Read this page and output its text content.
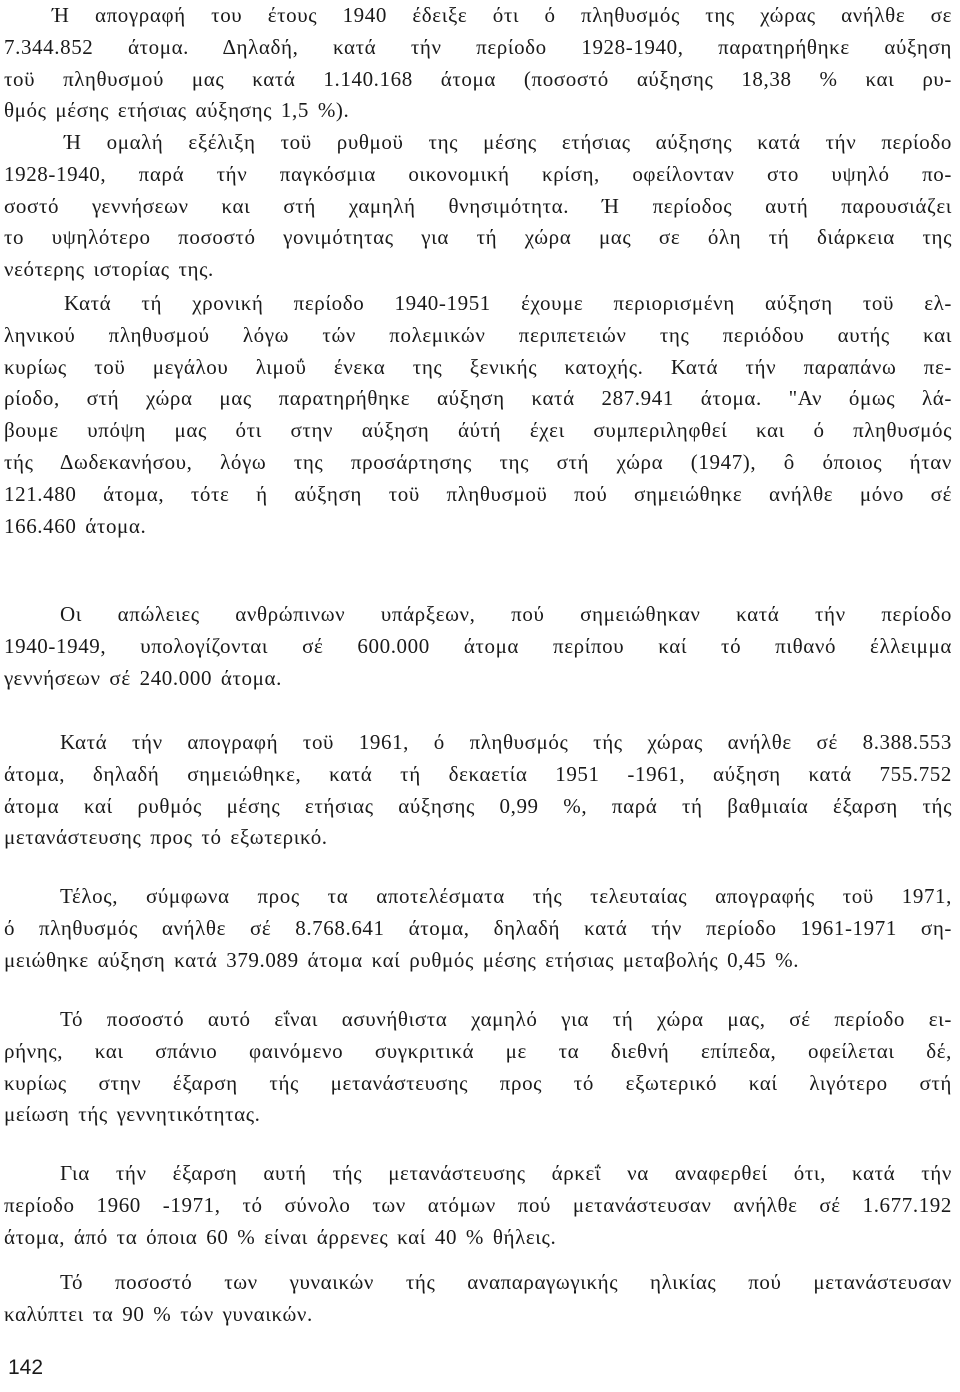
Ή απογραφή του έτους 1940 έδειξε ότι ό πληθυσμός της χώρας ανήλθε σε
7.344.852 άτομα. Δηλαδή, κατά τήν περίοδο 1928-1940, παρατηρήθηκε αύξηση
τοϋ πληθυσμού μας κατά 1.140.168 άτομα (ποσοστό αύξησης 18,38 % και ρυ-
θμός μέσης ετήσιας αύξησης 1,5 %).

Ή ομαλή εξέλιξη τοϋ ρυθμοϋ της μέσης ετήσιας αύξησης κατά τήν περίοδο
1928-1940, παρά τήν παγκόσμια οικονομική κρίση, οφείλονταν στο υψηλό πο-
σοστό γεννήσεων και στή χαμηλή θνησιμότητα. Ή περίοδος αυτή παρουσιάζει
το υψηλότερο ποσοστό γονιμότητας για τή χώρα μας σε όλη τή διάρκεια της
νεότερης ιστορίας της.

Κατά τή χρονική περίοδο 1940-1951 έχουμε περιορισμένη αύξηση τοϋ ελ-
ληνικού πληθυσμού λόγω τών πολεμικών περιπετειών της περιόδου αυτής και
κυρίως τοϋ μεγάλου λιμοΰ ένεκα της ξενικής κατοχής. Κατά τήν παραπάνω πε-
ρίοδο, στή χώρα μας παρατηρήθηκε αύξηση κατά 287.941 άτομα. "Αν όμως λά-
βουμε υπόψη μας ότι στην αύξηση άύτή έχει συμπεριληφθεί και ό πληθυσμός
τής Δωδεκανήσου, λόγω της προσάρτησης της στή χώρα (1947), ô όποιος ήταν
121.480 άτομα, τότε ή αύξηση τοϋ πληθυσμοϋ πού σημειώθηκε ανήλθε μόνο σέ
166.460 άτομα.

Οι απώλειες ανθρώπινων υπάρξεων, πού σημειώθηκαν κατά τήν περίοδο
1940-1949, υπολογίζονται σέ 600.000 άτομα περίπου καί τό πιθανό έλλειμμα
γεννήσεων σέ 240.000 άτομα.

Κατά τήν απογραφή τοϋ 1961, ό πληθυσμός τής χώρας ανήλθε σέ 8.388.553
άτομα, δηλαδή σημειώθηκε, κατά τή δεκαετία 1951 -1961, αύξηση κατά 755.752
άτομα καί ρυθμός μέσης ετήσιας αύξησης 0,99 %, παρά τή βαθμιαία έξαρση τής
μετανάστευσης προς τό εξωτερικό.

Τέλος, σύμφωνα προς τα αποτελέσματα τής τελευταίας απογραφής τοϋ 1971,
ό πληθυσμός ανήλθε σέ 8.768.641 άτομα, δηλαδή κατά τήν περίοδο 1961-1971 ση-
μειώθηκε αύξηση κατά 379.089 άτομα καί ρυθμός μέσης ετήσιας μεταβολής 0,45 %.

Τό ποσοστό αυτό εΐναι ασυνήθιστα χαμηλό για τή χώρα μας, σέ περίοδο ει-
ρήνης, και σπάνιο φαινόμενο συγκριτικά με τα διεθνή επίπεδα, οφείλεται δέ,
κυρίως στην έξαρση τής μετανάστευσης προς τό εξωτερικό καί λιγότερο στή
μείωση τής γεννητικότητας.

Για τήν έξαρση αυτή τής μετανάστευσης άρκεΐ να αναφερθεί ότι, κατά τήν
περίοδο 1960 -1971, τό σύνολο των ατόμων πού μετανάστευσαν ανήλθε σέ 1.677.192
άτομα, άπό τα όποια 60 % είναι άρρενες καί 40 % θήλεις.

Τό ποσοστό των γυναικών τής αναπαραγωγικής ηλικίας πού μετανάστευσαν
καλύπτει τα 90 % τών γυναικών.

142
